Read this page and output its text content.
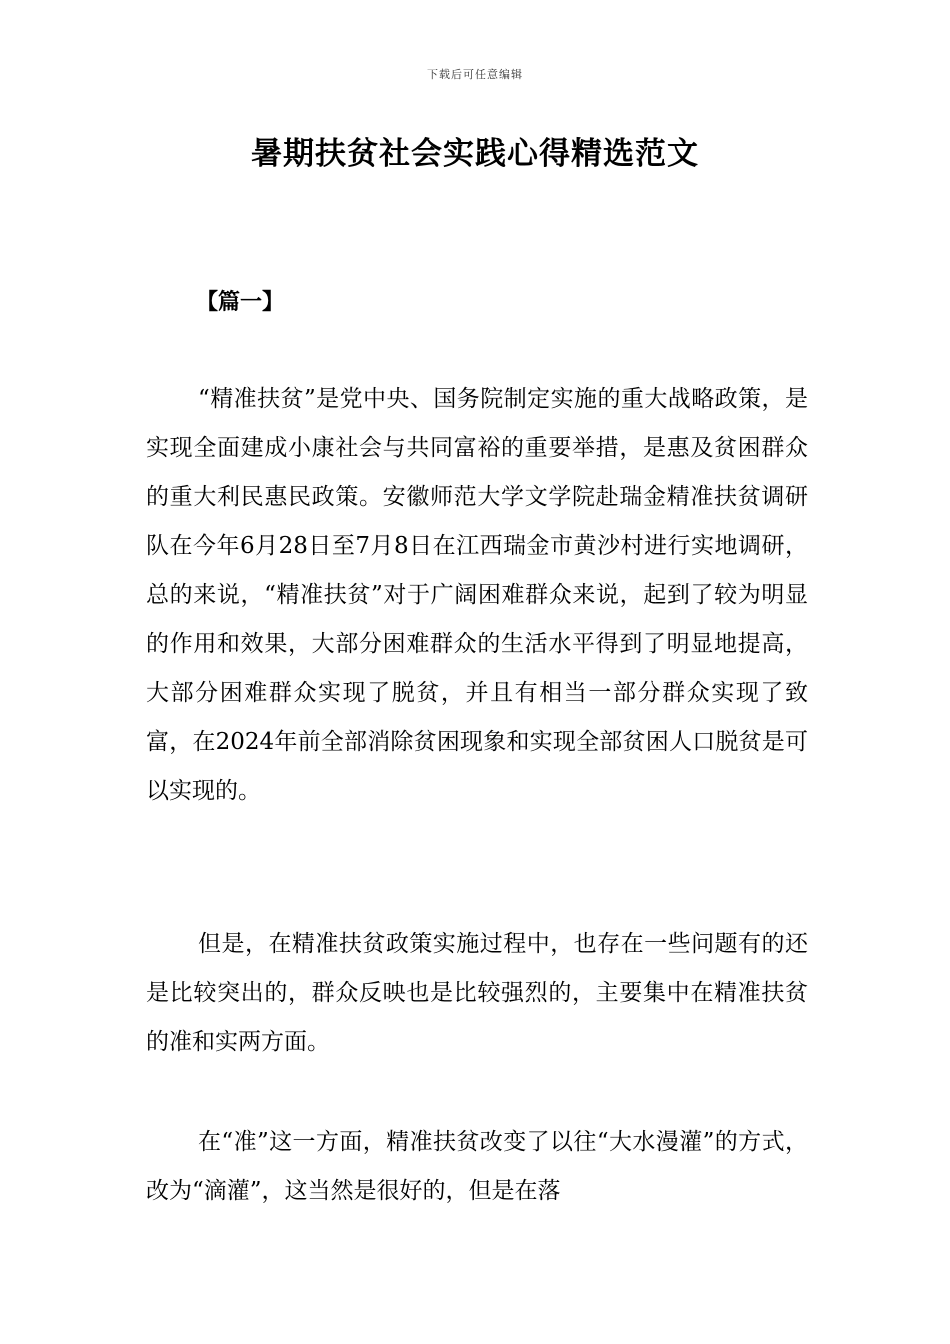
下载后可任意编辑
暑期扶贫社会实践心得精选范文
【篇一】

“精准扶贫”是党中央、国务院制定实施的重大战略政策，是实现全面建成小康社会与共同富裕的重要举措，是惠及贫困群众的重大利民惠民政策。安徽师范大学文学院赴瑞金精准扶贫调研队在今年6月28日至7月8日在江西瑞金市黄沙村进行实地调研，总的来说，“精准扶贫”对于广阔困难群众来说，起到了较为明显的作用和效果，大部分困难群众的生活水平得到了明显地提高，大部分困难群众实现了脱贫，并且有相当一部分群众实现了致富，在2024年前全部消除贫困现象和实现全部贫困人口脱贫是可以实现的。

但是，在精准扶贫政策实施过程中，也存在一些问题有的还是比较突出的，群众反映也是比较强烈的，主要集中在精准扶贫的准和实两方面。

在“准”这一方面，精准扶贫改变了以往“大水漫灌”的方式，改为“滴灌”，这当然是很好的，但是在落
